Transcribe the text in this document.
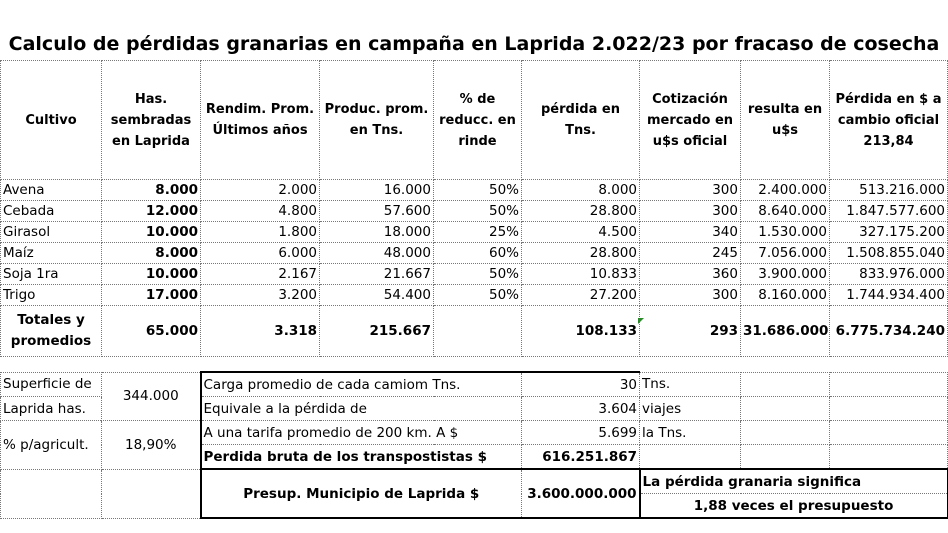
Calculo de pérdidas granarias en campaña en Laprida 2.022/23 por fracaso de cosecha
Cultivo	Has. sembradas en Laprida	Rendim. Prom. Últimos años	Produc. prom. en Tns.	% de reducc. en rinde	pérdida en Tns.	Cotización mercado en u$s oficial	resulta en u$s	Pérdida en $ a cambio oficial 213,84
Avena	8.000	2.000	16.000	50%	8.000	300	2.400.000	513.216.000
Cebada	12.000	4.800	57.600	50%	28.800	300	8.640.000	1.847.577.600
Girasol	10.000	1.800	18.000	25%	4.500	340	1.530.000	327.175.200
Maíz	8.000	6.000	48.000	60%	28.800	245	7.056.000	1.508.855.040
Soja 1ra	10.000	2.167	21.667	50%	10.833	360	3.900.000	833.976.000
Trigo	17.000	3.200	54.400	50%	27.200	300	8.160.000	1.744.934.400
Totales y promedios	65.000	3.318	215.667		108.133	293	31.686.000	6.775.734.240
Superficie de	344.000	Carga promedio de cada camiom Tns.	30	Tns.		
Laprida has.		Equivale a la pérdida de	3.604	viajes		
% p/agricult.	18,90%	A una tarifa promedio de 200 km. A $	5.699	la Tns.		
		Perdida bruta de los transpostistas $	616.251.867			
		Presup. Municipio de Laprida $	3.600.000.000	La pérdida granaria significa		
				1,88 veces el presupuesto		
